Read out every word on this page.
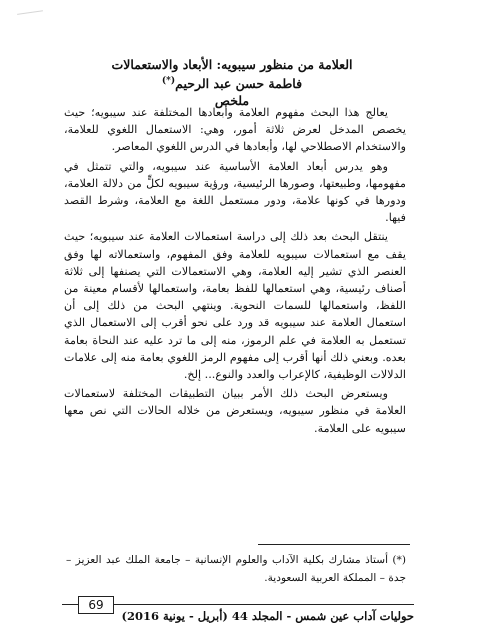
العلامة من منظور سيبويه: الأبعاد والاستعمالات
فاطمة حسن عبد الرحيم(*)
ملخص

يعالج هذا البحث مفهوم العلامة وأبعادها المختلفة عند سيبويه؛ حيث يخصص المدخل لعرض ثلاثة أمور، وهي: الاستعمال اللغوي للعلامة، والاستخدام الاصطلاحي لها، وأبعادها في الدرس اللغوي المعاصر.

وهو يدرس أبعاد العلامة الأساسية عند سيبويه، والتي تتمثل في مفهومها، وطبيعتها، وصورها الرئيسية، ورؤية سيبويه لكلٍّ من دلالة العلامة، ودورها في كونها علامة، ودور مستعمل اللغة مع العلامة، وشرط القصد فيها.

ينتقل البحث بعد ذلك إلى دراسة استعمالات العلامة عند سيبويه؛ حيث يقف مع استعمالات سيبويه للعلامة وفق المفهوم، واستعمالاته لها وفق العنصر الذي تشير إليه العلامة، وهي الاستعمالات التي يصنفها إلى ثلاثة أصناف رئيسية، وهي استعمالها للفظ بعامة، واستعمالها لأقسام معينة من اللفظ، واستعمالها للسمات النحوية. وينتهي البحث من ذلك إلى أن استعمال العلامة عند سيبويه قد ورد على نحو أقرب إلى الاستعمال الذي تستعمل به العلامة في علم الرموز، منه إلى ما ترد عليه عند النحاة بعامة بعده. وبعني ذلك أنها أقرب إلى مفهوم الرمز اللغوي بعامة منه إلى علامات الدلالات الوظيفية، كالإعراب والعدد والنوع... إلخ.

ويستعرض البحث ذلك الأمر ببيان التطبيقات المختلفة لاستعمالات العلامة في منظور سيبويه، ويستعرض من خلاله الحالات التي نص معها سيبويه على العلامة.

(*) أستاذ مشارك بكلية الآداب والعلوم الإنسانية – جامعة الملك عبد العزيز – جدة – المملكة العربية السعودية.
69
حوليات آداب عين شمس - المجلد 44 (أبريل - يونية 2016)
